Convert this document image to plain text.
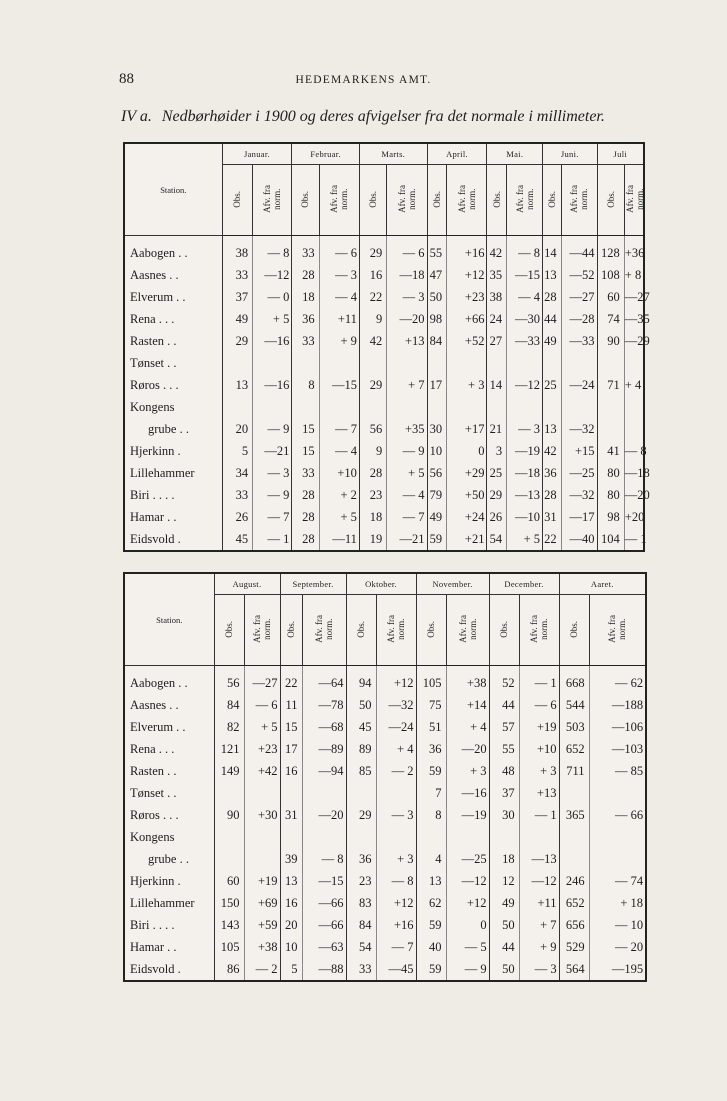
88	HEDEMARKENS AMT.
IV a. Nedbørhøider i 1900 og deres afvigelser fra det normale i millimeter.
Station.	Januar.		Februar.		Marts.		April.		Mai.		Juni.		Juli	
	Obs.	Afv. fra
norm.	Obs.	Afv. fra
norm.	Obs.	Afv. fra
norm.	Obs.	Afv. fra
norm.	Obs.	Afv. fra
norm.	Obs.	Afv. fra
norm.	Obs.	Afv. fra
norm.
Aabogen . .	38	— 8	33	— 6	29	— 6	55	+16	42	— 8	14	—44	128	+36
Aasnes . .	33	—12	28	— 3	16	—18	47	+12	35	—15	13	—52	108	+ 8
Elverum . .	37	— 0	18	— 4	22	— 3	50	+23	38	— 4	28	—27	60	—27
Rena . . .	49	+ 5	36	+11	9	—20	98	+66	24	—30	44	—28	74	—35
Rasten . .	29	—16	33	+ 9	42	+13	84	+52	27	—33	49	—33	90	—29
Tønset . .														
Røros . . .	13	—16	8	—15	29	+ 7	17	+ 3	14	—12	25	—24	71	+ 4
Kongens														
grube . .	20	— 9	15	— 7	56	+35	30	+17	21	— 3	13	—32		
Hjerkinn .	5	—21	15	— 4	9	— 9	10	0	3	—19	42	+15	41	— 8
Lillehammer	34	— 3	33	+10	28	+ 5	56	+29	25	—18	36	—25	80	—18
Biri . . . .	33	— 9	28	+ 2	23	— 4	79	+50	29	—13	28	—32	80	—20
Hamar . .	26	— 7	28	+ 5	18	— 7	49	+24	26	—10	31	—17	98	+20
Eidsvold .	45	— 1	28	—11	19	—21	59	+21	54	+ 5	22	—40	104	— 1
Station.	August.		September.		Oktober.		November.		December.		Aaret.	
	Obs.	Afv. fra
norm.	Obs.	Afv. fra
norm.	Obs.	Afv. fra
norm.	Obs.	Afv. fra
norm.	Obs.	Afv. fra
norm.	Obs.	Afv. fra
norm.
Aabogen . .	56	—27	22	—64	94	+12	105	+38	52	— 1	668	— 62
Aasnes . .	84	— 6	11	—78	50	—32	75	+14	44	— 6	544	—188
Elverum . .	82	+ 5	15	—68	45	—24	51	+ 4	57	+19	503	—106
Rena . . .	121	+23	17	—89	89	+ 4	36	—20	55	+10	652	—103
Rasten . .	149	+42	16	—94	85	— 2	59	+ 3	48	+ 3	711	— 85
Tønset . .							7	—16	37	+13		
Røros . . .	90	+30	31	—20	29	— 3	8	—19	30	— 1	365	— 66
Kongens												
grube . .			39	— 8	36	+ 3	4	—25	18	—13		
Hjerkinn .	60	+19	13	—15	23	— 8	13	—12	12	—12	246	— 74
Lillehammer	150	+69	16	—66	83	+12	62	+12	49	+11	652	+ 18
Biri . . . .	143	+59	20	—66	84	+16	59	0	50	+ 7	656	— 10
Hamar . .	105	+38	10	—63	54	— 7	40	— 5	44	+ 9	529	— 20
Eidsvold .	86	— 2	5	—88	33	—45	59	— 9	50	— 3	564	—195
